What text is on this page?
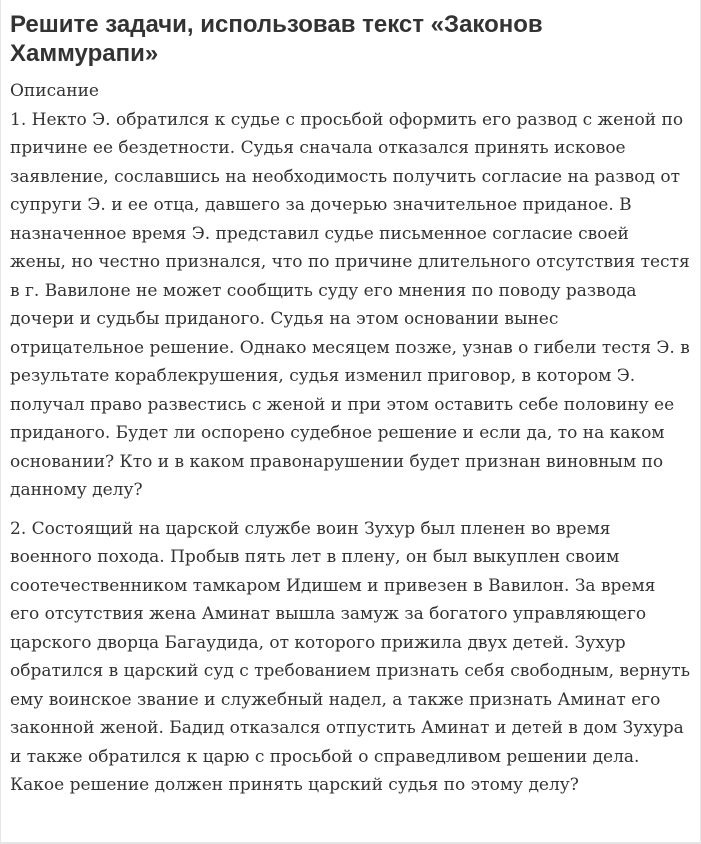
Решите задачи, использовав текст «Законов Хаммурапи»
Описание

1. Некто Э. обратился к судье с просьбой оформить его развод с женой по причине ее бездетности. Судья сначала отказался принять исковое заявление, сославшись на необходимость получить согласие на развод от супруги Э. и ее отца, давшего за дочерью значительное приданое. В назначенное время Э. представил судье письменное согласие своей жены, но честно признался, что по причине длительного отсутствия тестя в г. Вавилоне не может сообщить суду его мнения по поводу развода дочери и судьбы приданого. Судья на этом основании вынес отрицательное решение. Однако месяцем позже, узнав о гибели тестя Э. в результате кораблекрушения, судья изменил приговор, в котором Э. получал право развестись с женой и при этом оставить себе половину ее приданого. Будет ли оспорено судебное решение и если да, то на каком основании? Кто и в каком правонарушении будет признан виновным по данному делу?

2. Состоящий на царской службе воин Зухур был пленен во время военного похода. Пробыв пять лет в плену, он был выкуплен своим соотечественником тамкаром Идишем и привезен в Вавилон. За время его отсутствия жена Аминат вышла замуж за богатого управляющего царского дворца Багаудида, от которого прижила двух детей. Зухур обратился в царский суд с требованием признать себя свободным, вернуть ему воинское звание и служебный надел, а также признать Аминат его законной женой. Бадид отказался отпустить Аминат и детей в дом Зухура и также обратился к царю с просьбой о справедливом решении дела. Какое решение должен принять царский судья по этому делу?
